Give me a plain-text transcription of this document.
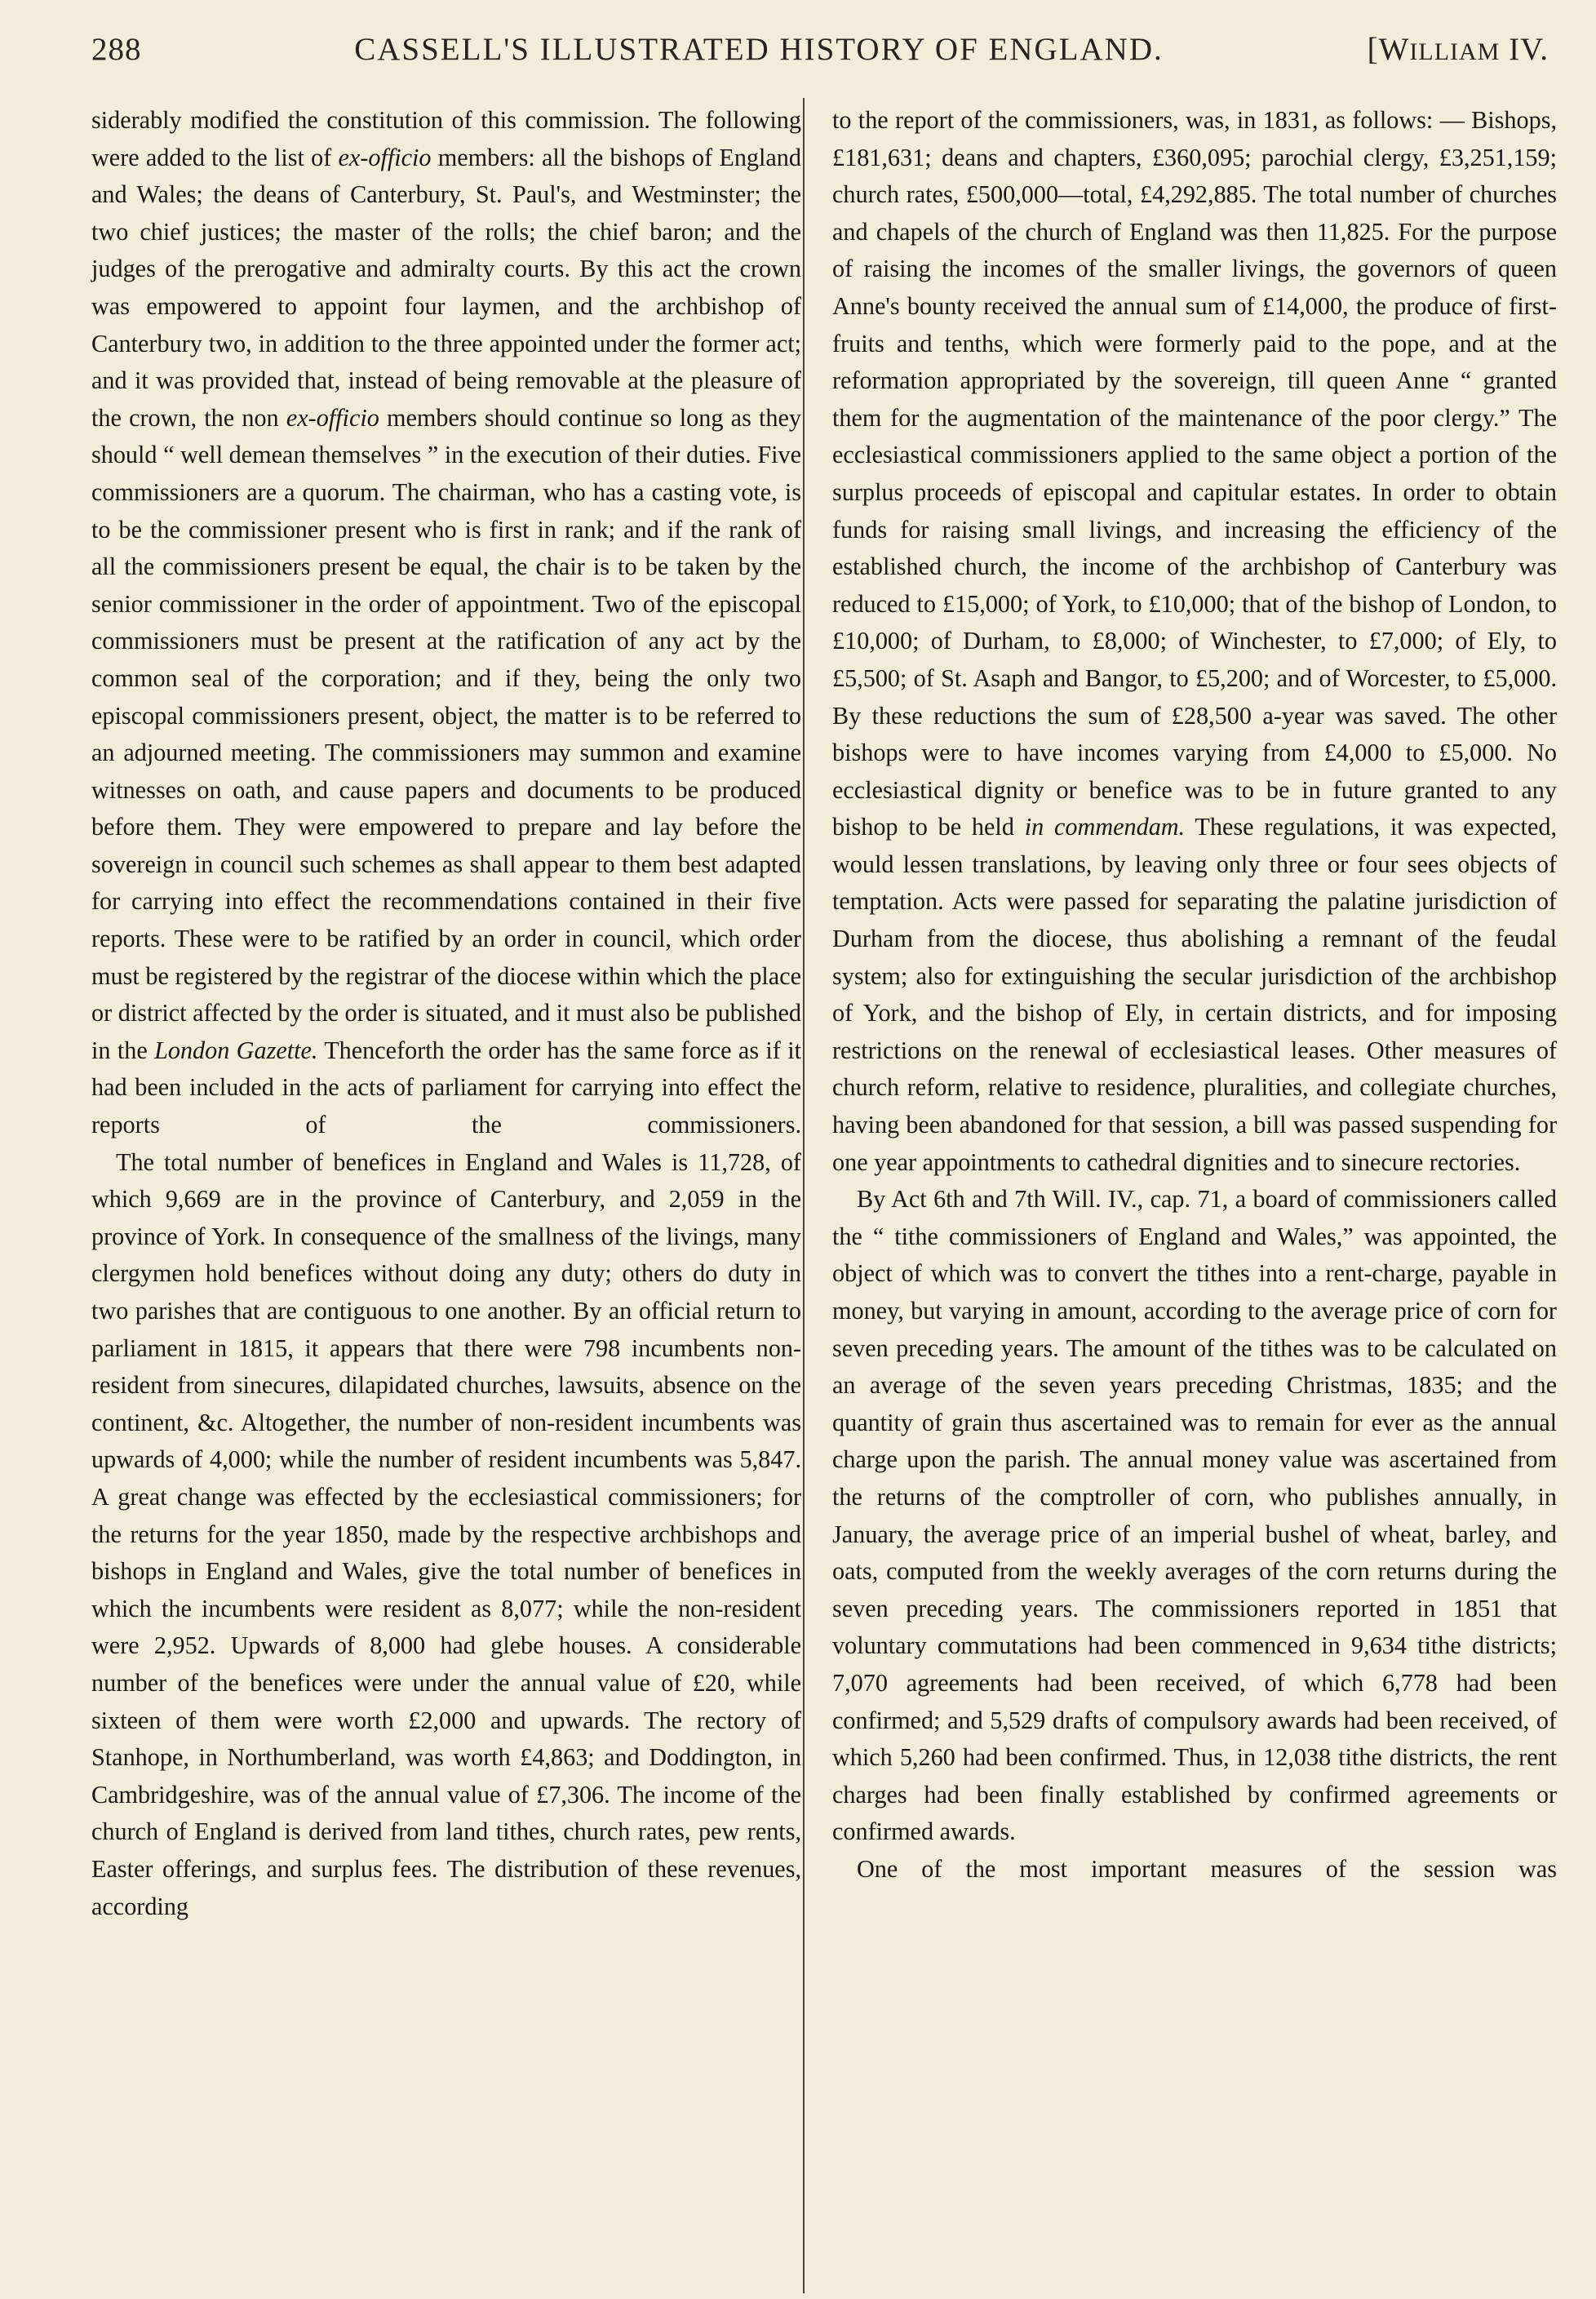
288	CASSELL'S ILLUSTRATED HISTORY OF ENGLAND.	[WILLIAM IV.

siderably modified the constitution of this commission. The following were added to the list of ex-officio members: all the bishops of England and Wales; the deans of Canterbury, St. Paul's, and Westminster; the two chief justices; the master of the rolls; the chief baron; and the judges of the prerogative and admiralty courts. By this act the crown was empowered to appoint four laymen, and the archbishop of Canterbury two, in addition to the three appointed under the former act; and it was provided that, instead of being removable at the pleasure of the crown, the non ex-officio members should continue so long as they should “ well demean themselves ” in the execution of their duties. Five commissioners are a quorum. The chairman, who has a casting vote, is to be the commissioner present who is first in rank; and if the rank of all the commissioners present be equal, the chair is to be taken by the senior commissioner in the order of appointment. Two of the episcopal commissioners must be present at the ratification of any act by the common seal of the corporation; and if they, being the only two episcopal commissioners present, object, the matter is to be referred to an adjourned meeting. The commissioners may summon and examine witnesses on oath, and cause papers and documents to be produced before them. They were empowered to prepare and lay before the sovereign in council such schemes as shall appear to them best adapted for carrying into effect the recommendations contained in their five reports. These were to be ratified by an order in council, which order must be registered by the registrar of the diocese within which the place or district affected by the order is situated, and it must also be published in the London Gazette. Thenceforth the order has the same force as if it had been included in the acts of parliament for carrying into effect the reports of the commissioners.

The total number of benefices in England and Wales is 11,728, of which 9,669 are in the province of Canterbury, and 2,059 in the province of York. In consequence of the smallness of the livings, many clergymen hold benefices without doing any duty; others do duty in two parishes that are contiguous to one another. By an official return to parliament in 1815, it appears that there were 798 incumbents non-resident from sinecures, dilapidated churches, lawsuits, absence on the continent, &c. Altogether, the number of non-resident incumbents was upwards of 4,000; while the number of resident incumbents was 5,847. A great change was effected by the ecclesiastical commissioners; for the returns for the year 1850, made by the respective archbishops and bishops in England and Wales, give the total number of benefices in which the incumbents were resident as 8,077; while the non-resident were 2,952. Upwards of 8,000 had glebe houses. A considerable number of the benefices were under the annual value of £20, while sixteen of them were worth £2,000 and upwards. The rectory of Stanhope, in Northumberland, was worth £4,863; and Doddington, in Cambridgeshire, was of the annual value of £7,306. The income of the church of England is derived from land tithes, church rates, pew rents, Easter offerings, and surplus fees. The distribution of these revenues, according

to the report of the commissioners, was, in 1831, as follows: — Bishops, £181,631; deans and chapters, £360,095; parochial clergy, £3,251,159; church rates, £500,000—total, £4,292,885. The total number of churches and chapels of the church of England was then 11,825. For the purpose of raising the incomes of the smaller livings, the governors of queen Anne's bounty received the annual sum of £14,000, the produce of first-fruits and tenths, which were formerly paid to the pope, and at the reformation appropriated by the sovereign, till queen Anne “ granted them for the augmentation of the maintenance of the poor clergy.” The ecclesiastical commissioners applied to the same object a portion of the surplus proceeds of episcopal and capitular estates. In order to obtain funds for raising small livings, and increasing the efficiency of the established church, the income of the archbishop of Canterbury was reduced to £15,000; of York, to £10,000; that of the bishop of London, to £10,000; of Durham, to £8,000; of Winchester, to £7,000; of Ely, to £5,500; of St. Asaph and Bangor, to £5,200; and of Worcester, to £5,000. By these reductions the sum of £28,500 a-year was saved. The other bishops were to have incomes varying from £4,000 to £5,000. No ecclesiastical dignity or benefice was to be in future granted to any bishop to be held in commendam. These regulations, it was expected, would lessen translations, by leaving only three or four sees objects of temptation. Acts were passed for separating the palatine jurisdiction of Durham from the diocese, thus abolishing a remnant of the feudal system; also for extinguishing the secular jurisdiction of the archbishop of York, and the bishop of Ely, in certain districts, and for imposing restrictions on the renewal of ecclesiastical leases. Other measures of church reform, relative to residence, pluralities, and collegiate churches, having been abandoned for that session, a bill was passed suspending for one year appointments to cathedral dignities and to sinecure rectories.

By Act 6th and 7th Will. IV., cap. 71, a board of commissioners called the “ tithe commissioners of England and Wales,” was appointed, the object of which was to convert the tithes into a rent-charge, payable in money, but varying in amount, according to the average price of corn for seven preceding years. The amount of the tithes was to be calculated on an average of the seven years preceding Christmas, 1835; and the quantity of grain thus ascertained was to remain for ever as the annual charge upon the parish. The annual money value was ascertained from the returns of the comptroller of corn, who publishes annually, in January, the average price of an imperial bushel of wheat, barley, and oats, computed from the weekly averages of the corn returns during the seven preceding years. The commissioners reported in 1851 that voluntary commutations had been commenced in 9,634 tithe districts; 7,070 agreements had been received, of which 6,778 had been confirmed; and 5,529 drafts of compulsory awards had been received, of which 5,260 had been confirmed. Thus, in 12,038 tithe districts, the rent charges had been finally established by confirmed agreements or confirmed awards.

One of the most important measures of the session was
